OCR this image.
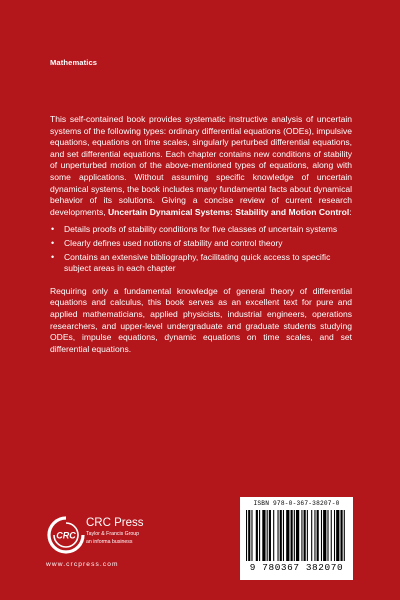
Mathematics

This self-contained book provides systematic instructive analysis of uncertain systems of the following types: ordinary differential equations (ODEs), impulsive equations, equations on time scales, singularly perturbed differential equations, and set differential equations. Each chapter contains new conditions of stability of unperturbed motion of the above-mentioned types of equations, along with some applications. Without assuming specific knowledge of uncertain dynamical systems, the book includes many fundamental facts about dynamical behavior of its solutions. Giving a concise review of current research developments, Uncertain Dynamical Systems: Stability and Motion Control:

• Details proofs of stability conditions for five classes of uncertain systems
• Clearly defines used notions of stability and control theory
• Contains an extensive bibliography, facilitating quick access to specific subject areas in each chapter

Requiring only a fundamental knowledge of general theory of differential equations and calculus, this book serves as an excellent text for pure and applied mathematicians, applied physicists, industrial engineers, operations researchers, and upper-level undergraduate and graduate students studying ODEs, impulse equations, dynamic equations on time scales, and set differential equations.

CRC
CRC Press
Taylor & Francis Group
an informa business
www.crcpress.com
ISBN 978-0-367-38207-0
9 780367 382070
